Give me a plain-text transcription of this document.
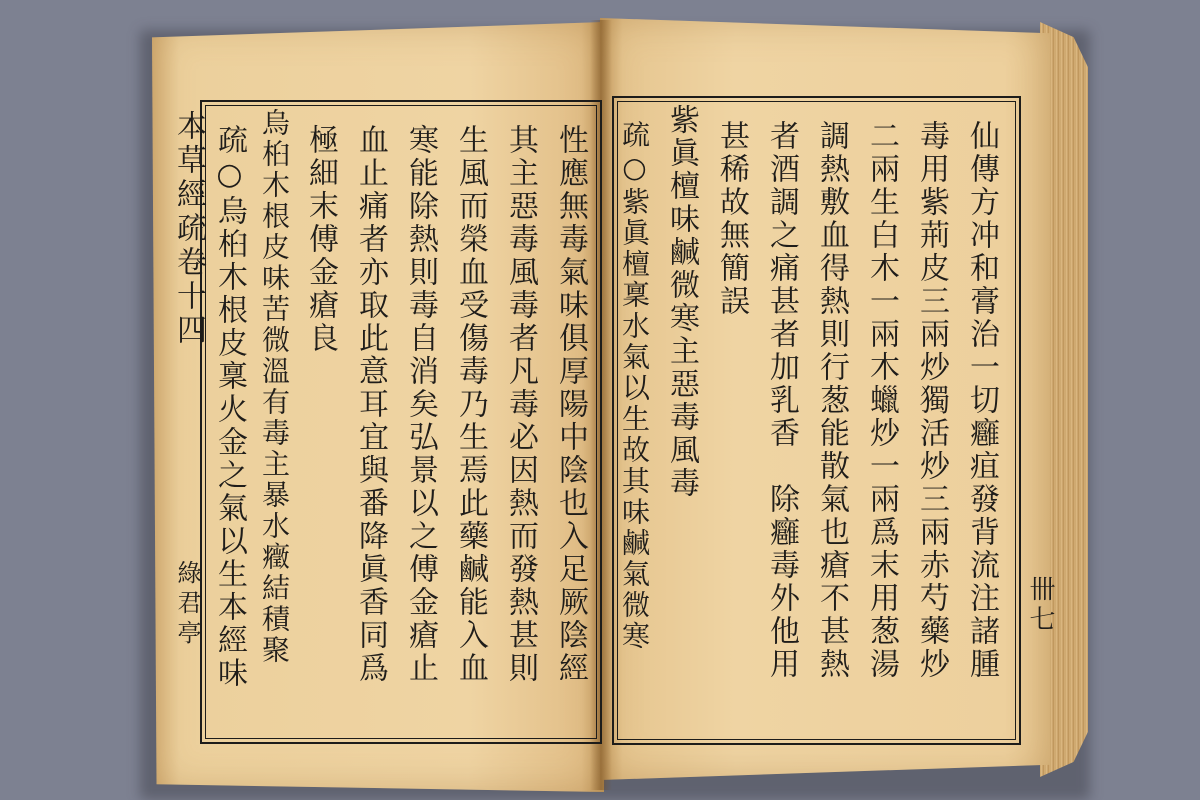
本草經疏卷十四
綠君亭	性應無毒氣味俱厚陽中陰也入足厥陰經
其主惡毒風毒者凡毒必因熱而發熱甚則
生風而榮血受傷毒乃生焉此藥鹹能入血
寒能除熱則毒自消矣弘景以之傅金瘡止
血止痛者亦取此意耳宜與番降眞香同爲
極細末傅金瘡良
烏桕木根皮味苦微溫有毒主暴水癥結積聚
疏○烏桕木根皮稟火金之氣以生本經味	卌七
仙傳方冲和膏治一切癰疽發背流注諸腫
毒用紫荊皮三兩炒獨活炒三兩赤芍藥炒
二兩生白木一兩木蠟炒一兩爲末用葱湯
調熱敷血得熱則行葱能散氣也瘡不甚熱
者酒調之痛甚者加乳香　除癰毒外他用
甚稀故無簡誤
紫眞檀味鹹微寒主惡毒風毒
疏○紫眞檀稟水氣以生故其味鹹氣微寒
